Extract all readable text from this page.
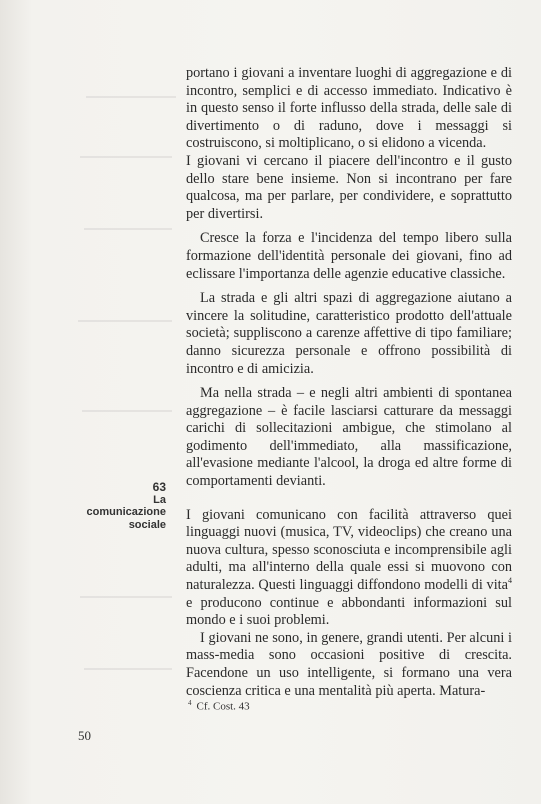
portano i giovani a inventare luoghi di aggregazione e di incontro, semplici e di accesso immediato. Indicativo è in questo senso il forte influsso della strada, delle sale di divertimento o di raduno, dove i messaggi si costruiscono, si moltiplicano, o si elidono a vicenda.

I giovani vi cercano il piacere dell'incontro e il gusto dello stare bene insieme. Non si incontrano per fare qualcosa, ma per parlare, per condividere, e soprattutto per divertirsi.

Cresce la forza e l'incidenza del tempo libero sulla formazione dell'identità personale dei giovani, fino ad eclissare l'importanza delle agenzie educative classiche.

La strada e gli altri spazi di aggregazione aiutano a vincere la solitudine, caratteristico prodotto dell'attuale società; suppliscono a carenze affettive di tipo familiare; danno sicurezza personale e offrono possibilità di incontro e di amicizia.

Ma nella strada – e negli altri ambienti di spontanea aggregazione – è facile lasciarsi catturare da messaggi carichi di sollecitazioni ambigue, che stimolano al godimento dell'immediato, alla massificazione, all'evasione mediante l'alcool, la droga ed altre forme di comportamenti devianti.

I giovani comunicano con facilità attraverso quei linguaggi nuovi (musica, TV, videoclips) che creano una nuova cultura, spesso sconosciuta e incomprensibile agli adulti, ma all'interno della quale essi si muovono con naturalezza. Questi linguaggi diffondono modelli di vita$^4$ e producono continue e abbondanti informazioni sul mondo e i suoi problemi.

I giovani ne sono, in genere, grandi utenti. Per alcuni i mass-media sono occasioni positive di crescita. Facendone un uso intelligente, si formano una vera coscienza critica e una mentalità più aperta. Matura-

63
La
comunicazione
sociale
$^4$ Cf. Cost. 43
50
